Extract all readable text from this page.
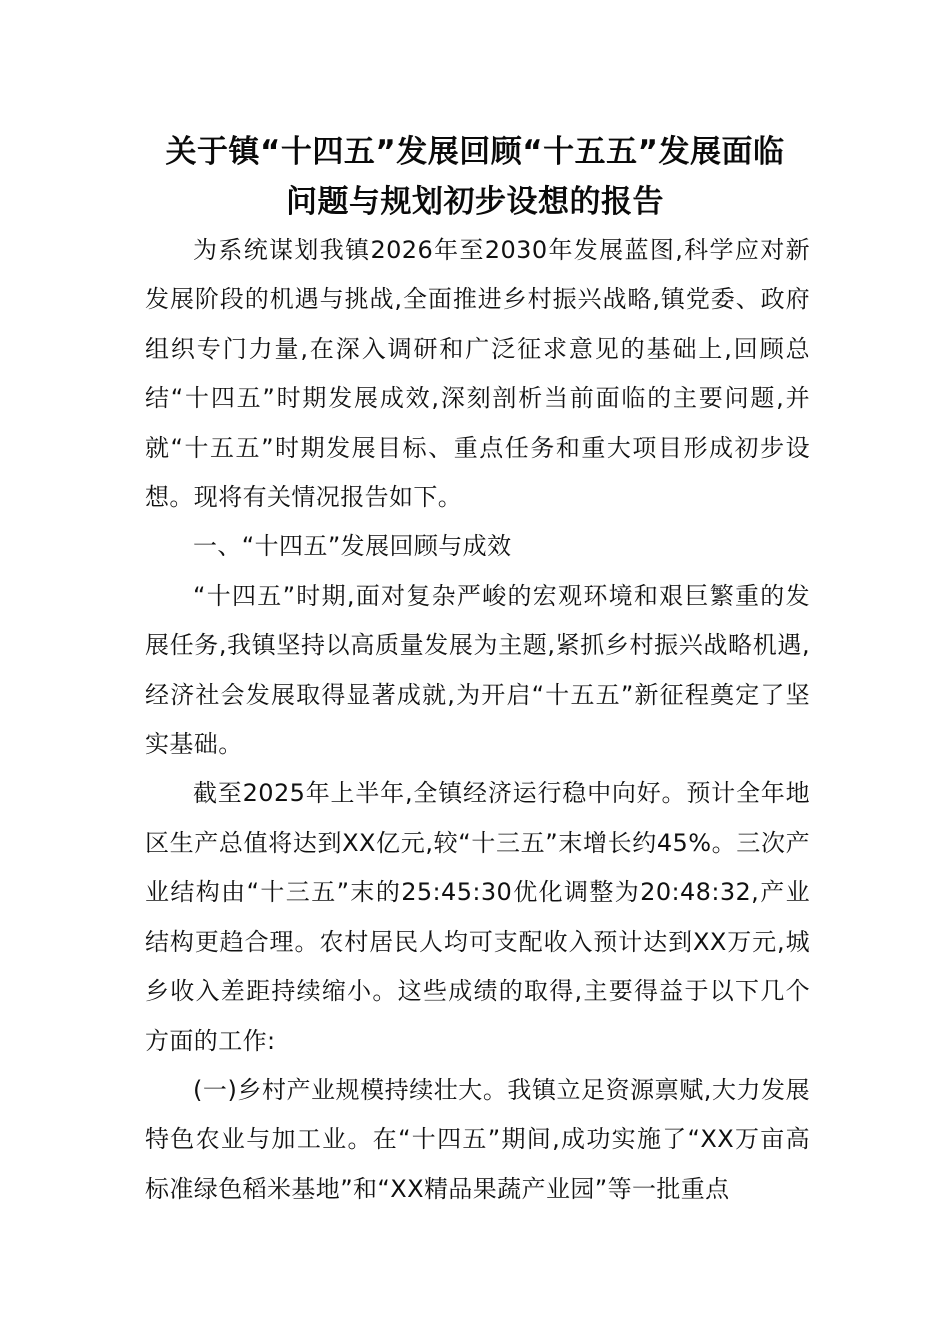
关于镇“十四五”发展回顾“十五五”发展面临
问题与规划初步设想的报告

为系统谋划我镇2026年至2030年发展蓝图,科学应对新发展阶段的机遇与挑战,全面推进乡村振兴战略,镇党委、政府组织专门力量,在深入调研和广泛征求意见的基础上,回顾总结“十四五”时期发展成效,深刻剖析当前面临的主要问题,并就“十五五”时期发展目标、重点任务和重大项目形成初步设想。现将有关情况报告如下。

一、“十四五”发展回顾与成效

“十四五”时期,面对复杂严峻的宏观环境和艰巨繁重的发展任务,我镇坚持以高质量发展为主题,紧抓乡村振兴战略机遇,经济社会发展取得显著成就,为开启“十五五”新征程奠定了坚实基础。

截至2025年上半年,全镇经济运行稳中向好。预计全年地区生产总值将达到XX亿元,较“十三五”末增长约45%。三次产业结构由“十三五”末的25:45:30优化调整为20:48:32,产业结构更趋合理。农村居民人均可支配收入预计达到XX万元,城乡收入差距持续缩小。这些成绩的取得,主要得益于以下几个方面的工作:

(一)乡村产业规模持续壮大。我镇立足资源禀赋,大力发展特色农业与加工业。在“十四五”期间,成功实施了“XX万亩高标准绿色稻米基地”和“XX精品果蔬产业园”等一批重点
